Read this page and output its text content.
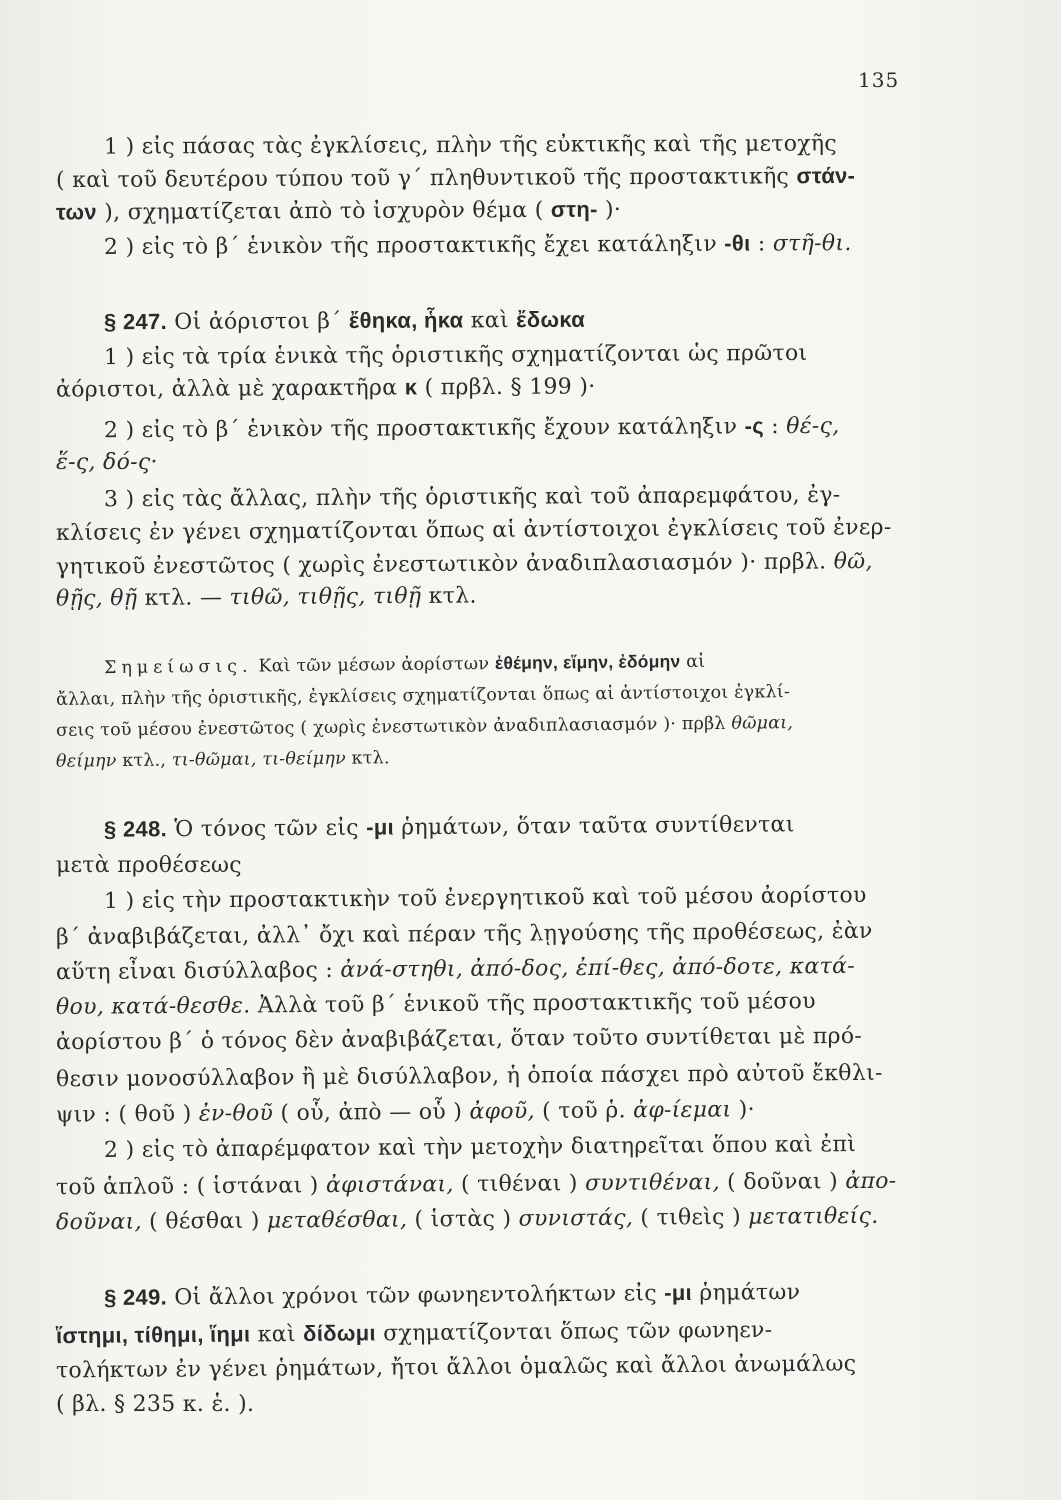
135
1 ) εἰς πάσας τὰς ἐγκλίσεις, πλὴν τῆς εὐκτικῆς καὶ τῆς μετοχῆς
( καὶ τοῦ δευτέρου τύπου τοῦ γ΄ πληθυντικοῦ τῆς προστακτικῆς στάν-
των ), σχηματίζεται ἀπὸ τὸ ἰσχυρὸν θέμα ( στη- )·
2 ) εἰς τὸ β΄ ἑνικὸν τῆς προστακτικῆς ἔχει κατάληξιν -θι : στῆ-θι.
§ 247. Οἱ ἀόριστοι β΄ ἔθηκα, ἧκα καὶ ἔδωκα
1 ) εἰς τὰ τρία ἑνικὰ τῆς ὁριστικῆς σχηματίζονται ὡς πρῶτοι
ἀόριστοι, ἀλλὰ μὲ χαρακτῆρα κ ( πρβλ. § 199 )·
2 ) εἰς τὸ β΄ ἑνικὸν τῆς προστακτικῆς ἔχουν κατάληξιν -ς : θέ-ς,
ἕ-ς, δό-ς·
3 ) εἰς τὰς ἄλλας, πλὴν τῆς ὁριστικῆς καὶ τοῦ ἀπαρεμφάτου, ἐγ-
κλίσεις ἐν γένει σχηματίζονται ὅπως αἱ ἀντίστοιχοι ἐγκλίσεις τοῦ ἐνερ-
γητικοῦ ἐνεστῶτος ( χωρὶς ἐνεστωτικὸν ἀναδιπλασιασμόν )· πρβλ. θῶ,
θῇς, θῇ κτλ. — τιθῶ, τιθῇς, τιθῇ κτλ.
Σημείωσις. Καὶ τῶν μέσων ἀορίστων ἐθέμην, εἵμην, ἐδόμην αἱ
ἄλλαι, πλὴν τῆς ὁριστικῆς, ἐγκλίσεις σχηματίζονται ὅπως αἱ ἀντίστοιχοι ἐγκλί-
σεις τοῦ μέσου ἐνεστῶτος ( χωρὶς ἐνεστωτικὸν ἀναδιπλασιασμόν )· πρβλ θῶμαι,
θείμην κτλ., τι-θῶμαι, τι-θείμην κτλ.
§ 248. Ὁ τόνος τῶν εἰς -μι ῥημάτων, ὅταν ταῦτα συντίθενται
μετὰ προθέσεως
1 ) εἰς τὴν προστακτικὴν τοῦ ἐνεργητικοῦ καὶ τοῦ μέσου ἀορίστου
β΄ ἀναβιβάζεται, ἀλλ᾽ ὄχι καὶ πέραν τῆς λῃγούσης τῆς προθέσεως, ἐὰν
αὕτη εἶναι δισύλλαβος : ἀνά-στηθι, ἀπό-δος, ἐπί-θες, ἀπό-δοτε, κατά-
θου, κατά-θεσθε. Ἀλλὰ τοῦ β΄ ἑνικοῦ τῆς προστακτικῆς τοῦ μέσου
ἀορίστου β΄ ὁ τόνος δὲν ἀναβιβάζεται, ὅταν τοῦτο συντίθεται μὲ πρό-
θεσιν μονοσύλλαβον ἢ μὲ δισύλλαβον, ἡ ὁποία πάσχει πρὸ αὐτοῦ ἔκθλι-
ψιν : ( θοῦ ) ἐν-θοῦ ( οὗ, ἀπὸ — οὗ ) ἀφοῦ, ( τοῦ ῥ. ἀφ-ίεμαι )·
2 ) εἰς τὸ ἀπαρέμφατον καὶ τὴν μετοχὴν διατηρεῖται ὅπου καὶ ἐπὶ
τοῦ ἁπλοῦ : ( ἱστάναι ) ἀφιστάναι, ( τιθέναι ) συντιθέναι, ( δοῦναι ) ἀπο-
δοῦναι, ( θέσθαι ) μεταθέσθαι, ( ἱστὰς ) συνιστάς, ( τιθεὶς ) μετατιθείς.
§ 249. Οἱ ἄλλοι χρόνοι τῶν φωνηεντολήκτων εἰς -μι ῥημάτων
ἵστημι, τίθημι, ἵημι καὶ δίδωμι σχηματίζονται ὅπως τῶν φωνηεν-
τολήκτων ἐν γένει ῥημάτων, ἤτοι ἄλλοι ὁμαλῶς καὶ ἄλλοι ἀνωμάλως
( βλ. § 235 κ. ἑ. ).
